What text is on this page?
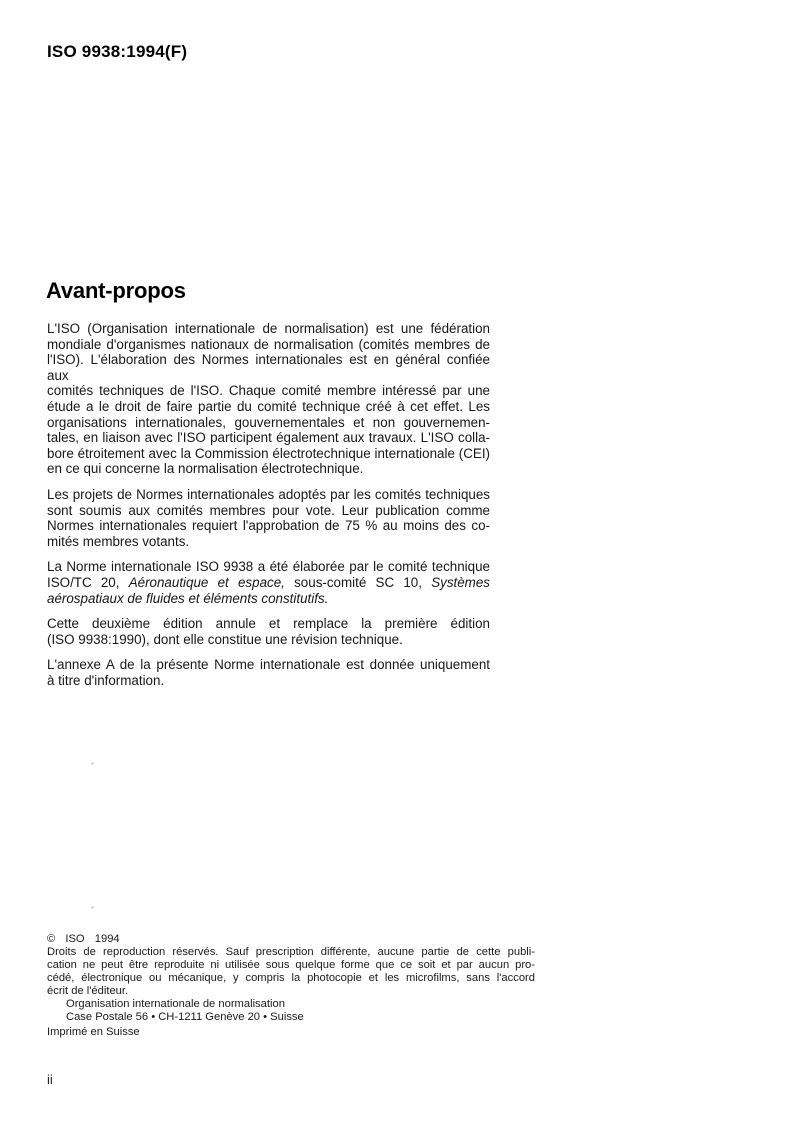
ISO 9938:1994(F)
Avant-propos
L'ISO (Organisation internationale de normalisation) est une fédération
mondiale d'organismes nationaux de normalisation (comités membres de
l'ISO). L'élaboration des Normes internationales est en général confiée aux
comités techniques de l'ISO. Chaque comité membre intéressé par une
étude a le droit de faire partie du comité technique créé à cet effet. Les
organisations internationales, gouvernementales et non gouvernemen-
tales, en liaison avec l'ISO participent également aux travaux. L'ISO colla-
bore étroitement avec la Commission électrotechnique internationale (CEI)
en ce qui concerne la normalisation électrotechnique.
Les projets de Normes internationales adoptés par les comités techniques
sont soumis aux comités membres pour vote. Leur publication comme
Normes internationales requiert l'approbation de 75 % au moins des co-
mités membres votants.
La Norme internationale ISO 9938 a été élaborée par le comité technique
ISO/TC 20, Aéronautique et espace, sous-comité SC 10, Systèmes
aérospatiaux de fluides et éléments constitutifs.
Cette deuxième édition annule et remplace la première édition
(ISO 9938:1990), dont elle constitue une révision technique.
L'annexe A de la présente Norme internationale est donnée uniquement
à titre d'information.
© ISO 1994
Droits de reproduction réservés. Sauf prescription différente, aucune partie de cette publi-
cation ne peut être reproduite ni utilisée sous quelque forme que ce soit et par aucun pro-
cédé, électronique ou mécanique, y compris la photocopie et les microfilms, sans l'accord
écrit de l'éditeur.
Organisation internationale de normalisation
Case Postale 56 • CH-1211 Genève 20 • Suisse
Imprimé en Suisse
ii
